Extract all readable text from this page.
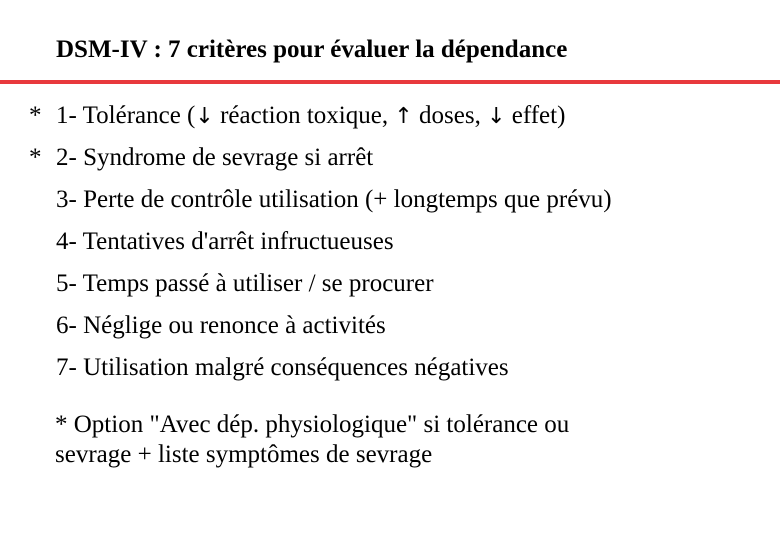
DSM-IV : 7 critères pour évaluer la dépendance
* 1- Tolérance (↓ réaction toxique, ↑ doses, ↓ effet)
* 2- Syndrome de sevrage si arrêt
3- Perte de contrôle utilisation (+ longtemps que prévu)
4- Tentatives d'arrêt infructueuses
5- Temps passé à utiliser / se procurer
6- Néglige ou renonce à activités
7- Utilisation malgré conséquences négatives
* Option "Avec dép. physiologique" si tolérance ou
sevrage + liste symptômes de sevrage
